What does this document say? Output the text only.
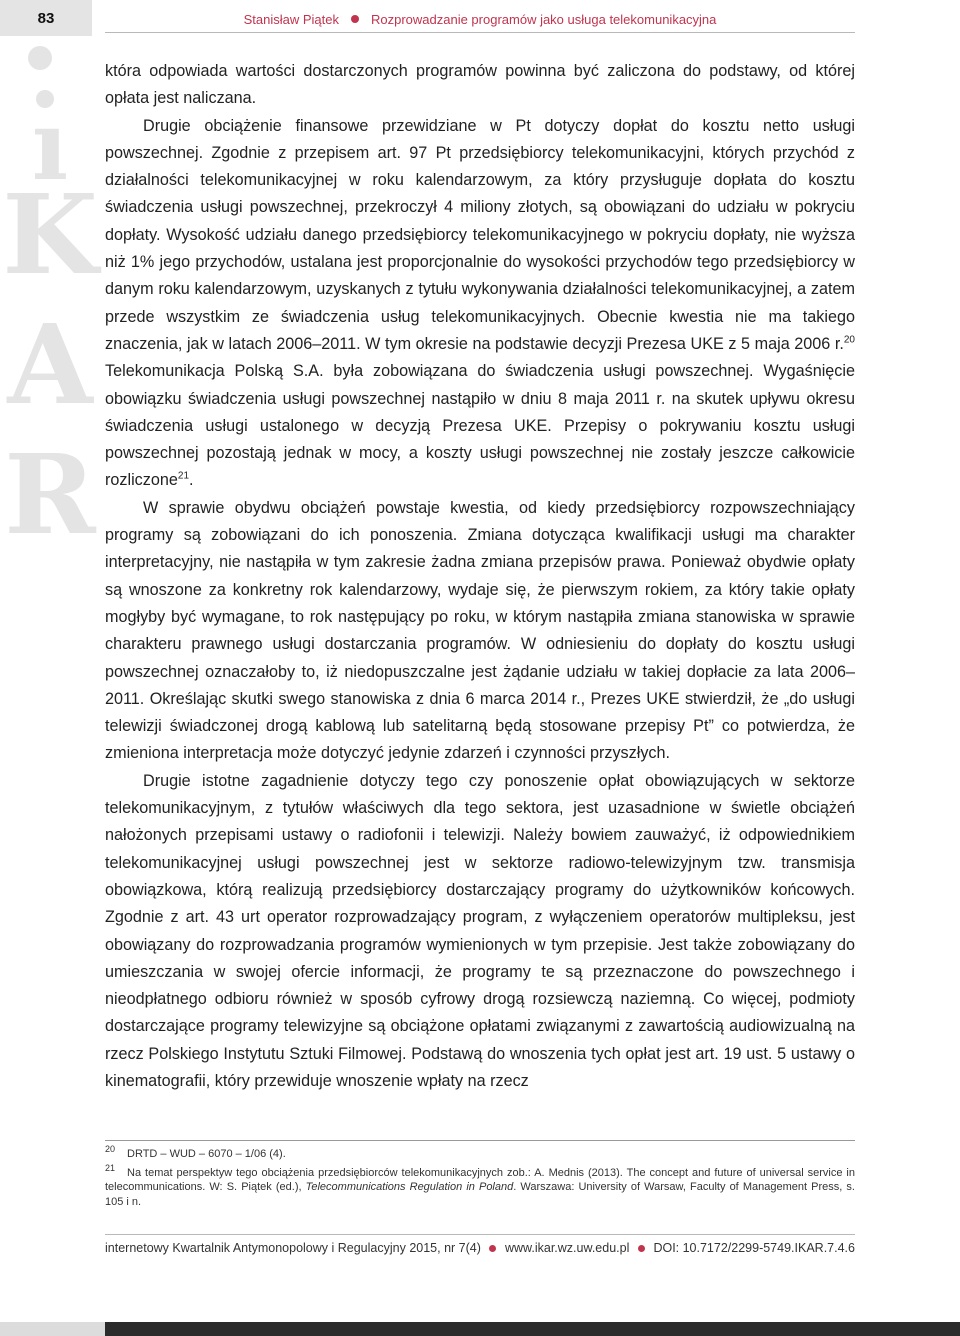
83	Stanisław Piątek Rozprowadzanie programów jako usługa telekomunikacyjna
ı
K
A
R

która odpowiada wartości dostarczonych programów powinna być zaliczona do podstawy, od której opłata jest naliczana.

Drugie obciążenie finansowe przewidziane w Pt dotyczy dopłat do kosztu netto usługi powszechnej. Zgodnie z przepisem art. 97 Pt przedsiębiorcy telekomunikacyjni, których przychód z działalności telekomunikacyjnej w roku kalendarzowym, za który przysługuje dopłata do kosztu świadczenia usługi powszechnej, przekroczył 4 miliony złotych, są obowiązani do udziału w pokryciu dopłaty. Wysokość udziału danego przedsiębiorcy telekomunikacyjnego w pokryciu dopłaty, nie wyższa niż 1% jego przychodów, ustalana jest proporcjonalnie do wysokości przychodów tego przedsiębiorcy w danym roku kalendarzowym, uzyskanych z tytułu wykonywania działalności telekomunikacyjnej, a zatem przede wszystkim ze świadczenia usług telekomunikacyjnych. Obecnie kwestia nie ma takiego znaczenia, jak w latach 2006–2011. W tym okresie na podstawie decyzji Prezesa UKE z 5 maja 2006 r.$^{20}$ Telekomunikacja Polską S.A. była zobowiązana do świadczenia usługi powszechnej. Wygaśnięcie obowiązku świadczenia usługi powszechnej nastąpiło w dniu 8 maja 2011 r. na skutek upływu okresu świadczenia usługi ustalonego w decyzją Prezesa UKE. Przepisy o pokrywaniu kosztu usługi powszechnej pozostają jednak w mocy, a koszty usługi powszechnej nie zostały jeszcze całkowicie rozliczone$^{21}$.

W sprawie obydwu obciążeń powstaje kwestia, od kiedy przedsiębiorcy rozpowszechniający programy są zobowiązani do ich ponoszenia. Zmiana dotycząca kwalifikacji usługi ma charakter interpretacyjny, nie nastąpiła w tym zakresie żadna zmiana przepisów prawa. Ponieważ obydwie opłaty są wnoszone za konkretny rok kalendarzowy, wydaje się, że pierwszym rokiem, za który takie opłaty mogłyby być wymagane, to rok następujący po roku, w którym nastąpiła zmiana stanowiska w sprawie charakteru prawnego usługi dostarczania programów. W odniesieniu do dopłaty do kosztu usługi powszechnej oznaczałoby to, iż niedopuszczalne jest żądanie udziału w takiej dopłacie za lata 2006–2011. Określając skutki swego stanowiska z dnia 6 marca 2014 r., Prezes UKE stwierdził, że „do usługi telewizji świadczonej drogą kablową lub satelitarną będą stosowane przepisy Pt” co potwierdza, że zmieniona interpretacja może dotyczyć jedynie zdarzeń i czynności przyszłych.

Drugie istotne zagadnienie dotyczy tego czy ponoszenie opłat obowiązujących w sektorze telekomunikacyjnym, z tytułów właściwych dla tego sektora, jest uzasadnione w świetle obciążeń nałożonych przepisami ustawy o radiofonii i telewizji. Należy bowiem zauważyć, iż odpowiednikiem telekomunikacyjnej usługi powszechnej jest w sektorze radiowo-telewizyjnym tzw. transmisja obowiązkowa, którą realizują przedsiębiorcy dostarczający programy do użytkowników końcowych. Zgodnie z art. 43 urt operator rozprowadzający program, z wyłączeniem operatorów multipleksu, jest obowiązany do rozprowadzania programów wymienionych w tym przepisie. Jest także zobowiązany do umieszczania w swojej ofercie informacji, że programy te są przeznaczone do powszechnego i nieodpłatnego odbioru również w sposób cyfrowy drogą rozsiewczą naziemną. Co więcej, podmioty dostarczające programy telewizyjne są obciążone opłatami związanymi z zawartością audiowizualną na rzecz Polskiego Instytutu Sztuki Filmowej. Podstawą do wnoszenia tych opłat jest art. 19 ust. 5 ustawy o kinematografii, który przewiduje wnoszenie wpłaty na rzecz

$^{20}$ DRTD – WUD – 6070 – 1/06 (4).

$^{21}$ Na temat perspektyw tego obciążenia przedsiębiorców telekomunikacyjnych zob.: A. Mednis (2013). The concept and future of universal service in telecommunications. W: S. Piątek (ed.), Telecommunications Regulation in Poland. Warszawa: University of Warsaw, Faculty of Management Press, s. 105 i n.

internetowy Kwartalnik Antymonopolowy i Regulacyjny 2015, nr 7(4) www.ikar.wz.uw.edu.pl DOI: 10.7172/2299-5749.IKAR.7.4.6
